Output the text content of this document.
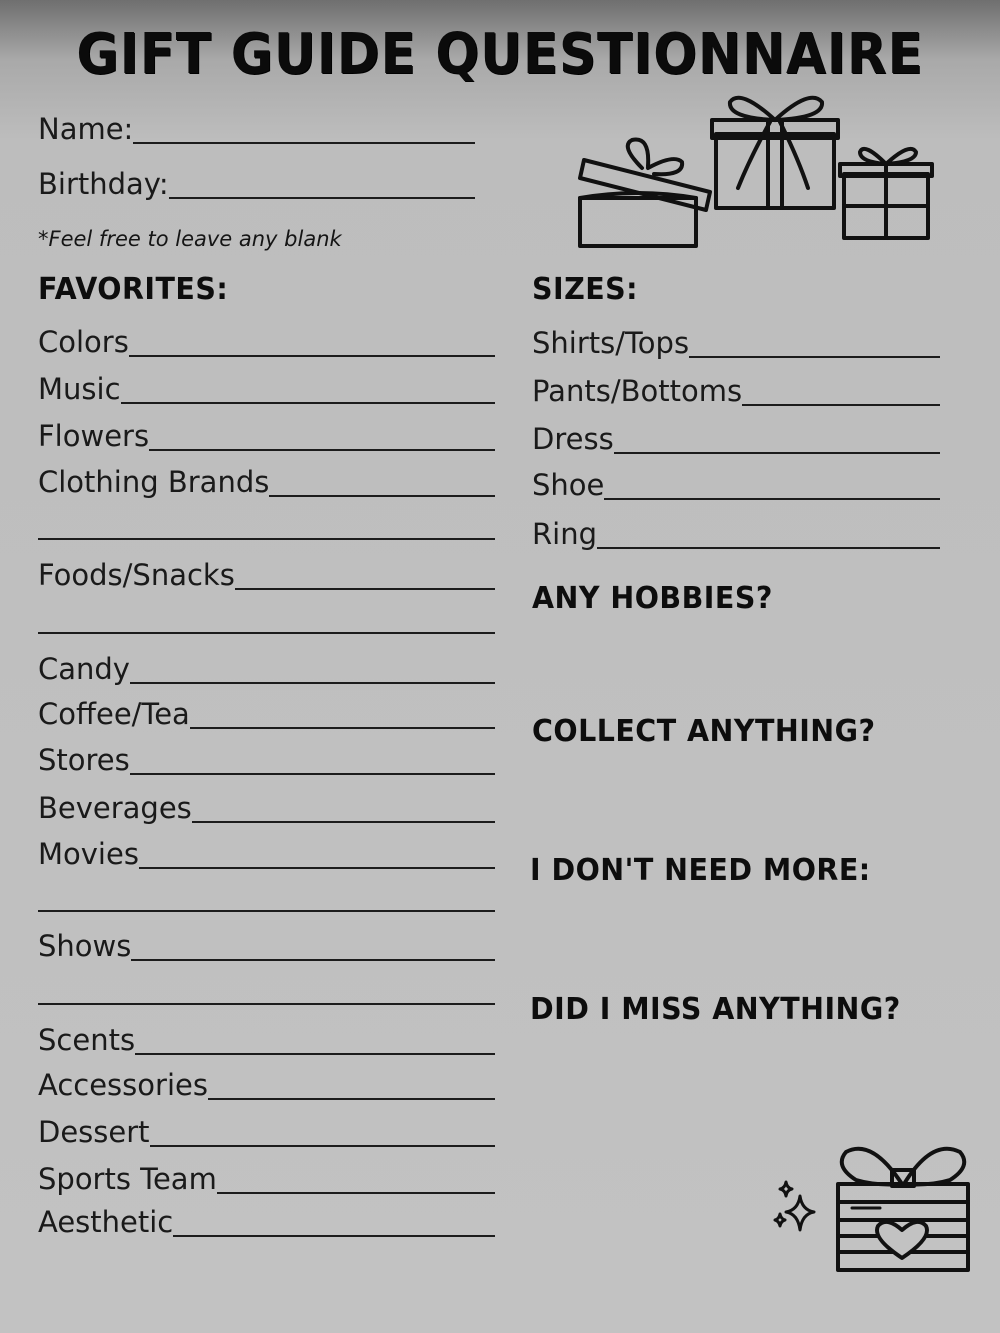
GIFT GUIDE QUESTIONNAIRE
Name:
Birthday:
*Feel free to leave any blank
FAVORITES:
Colors
Music
Flowers
Clothing Brands
Foods/Snacks
Candy
Coffee/Tea
Stores
Beverages
Movies
Shows
Scents
Accessories
Dessert
Sports Team
Aesthetic
SIZES:
Shirts/Tops
Pants/Bottoms
Dress
Shoe
Ring
ANY HOBBIES?
COLLECT ANYTHING?
I DON'T NEED MORE:
DID I MISS ANYTHING?
